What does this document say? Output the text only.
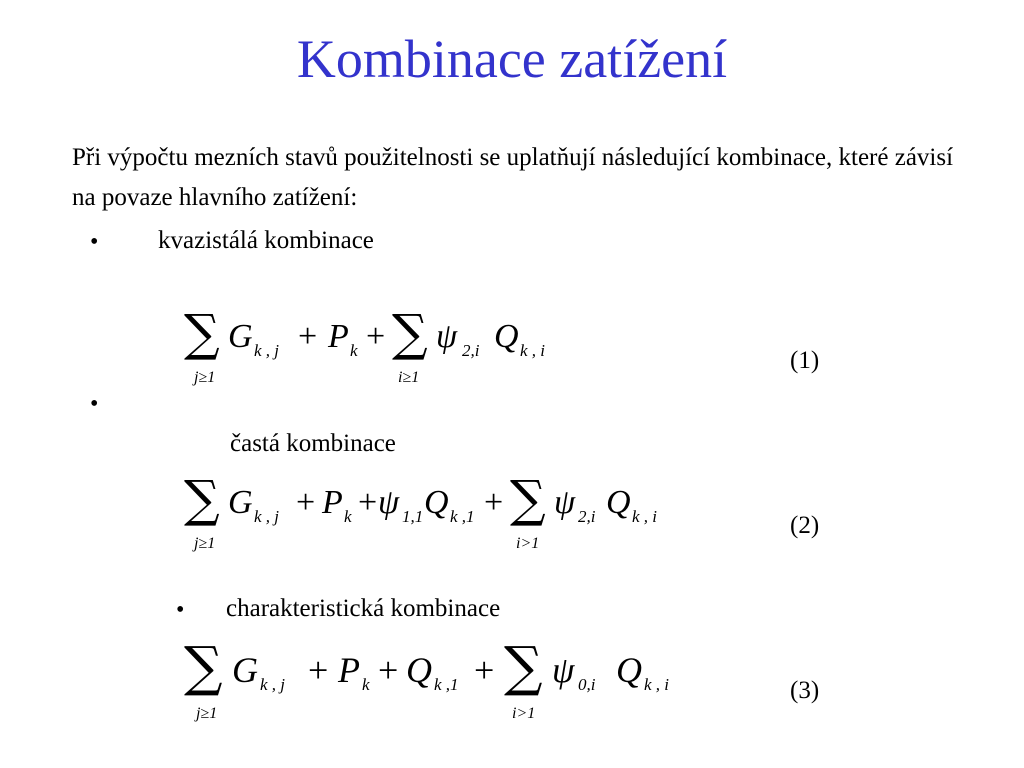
Kombinace zatížení
Při výpočtu mezních stavů použitelnosti se uplatňují následující kombinace, které závisí na povaze hlavního zatížení:
• kvazistálá kombinace
∑
j≥1
G k , j + P k + ∑
i≥1
ψ 2,i Q k , i	(1)
•
častá kombinace
∑
j≥1
G k , j + P k + ψ 1,1 Q k ,1 + ∑
i>1
ψ 2,i Q k , i	(2)
• charakteristická kombinace
∑
j≥1
G k , j + P k + Q k ,1 + ∑
i>1
ψ 0,i Q k , i	(3)
